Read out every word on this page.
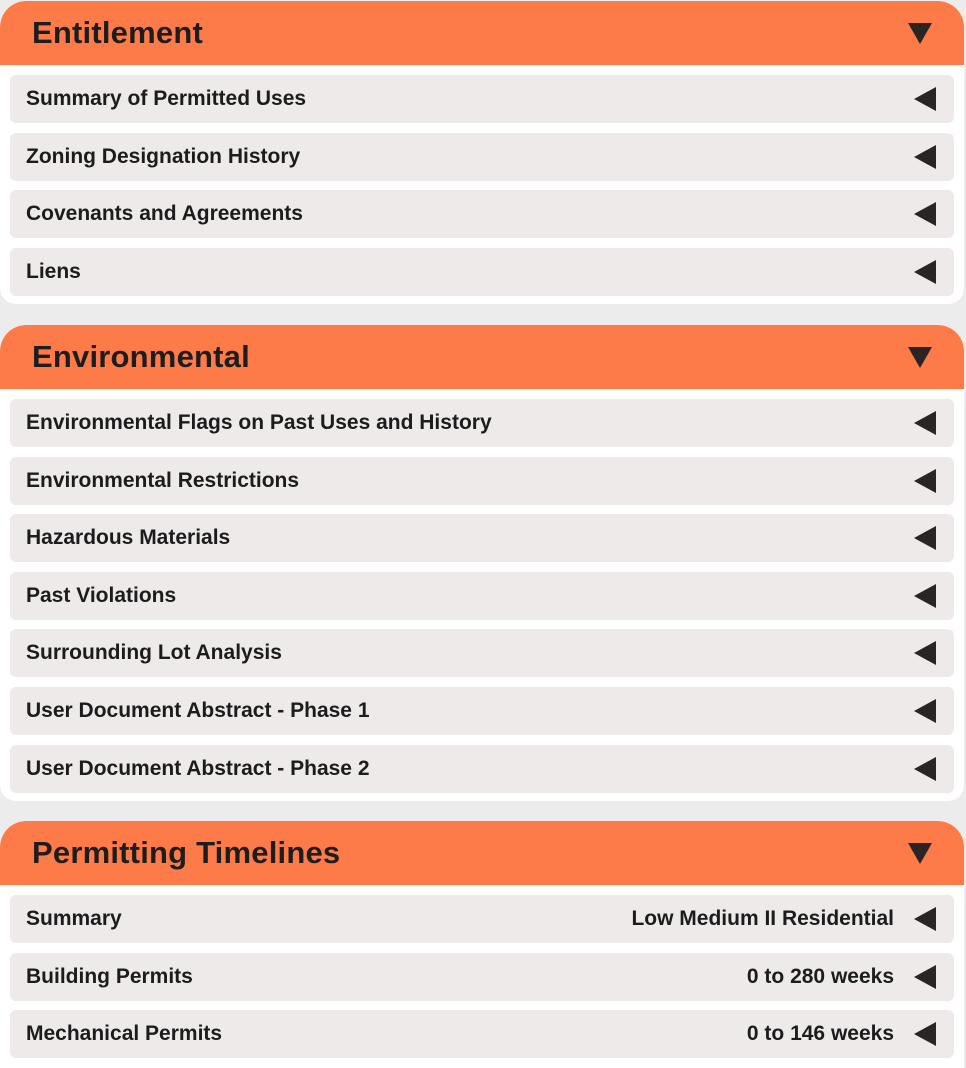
Entitlement
Summary of Permitted Uses
Zoning Designation History
Covenants and Agreements
Liens
Environmental
Environmental Flags on Past Uses and History
Environmental Restrictions
Hazardous Materials
Past Violations
Surrounding Lot Analysis
User Document Abstract - Phase 1
User Document Abstract - Phase 2
Permitting Timelines
Summary	Low Medium II Residential
Building Permits	0 to 280 weeks
Mechanical Permits	0 to 146 weeks
